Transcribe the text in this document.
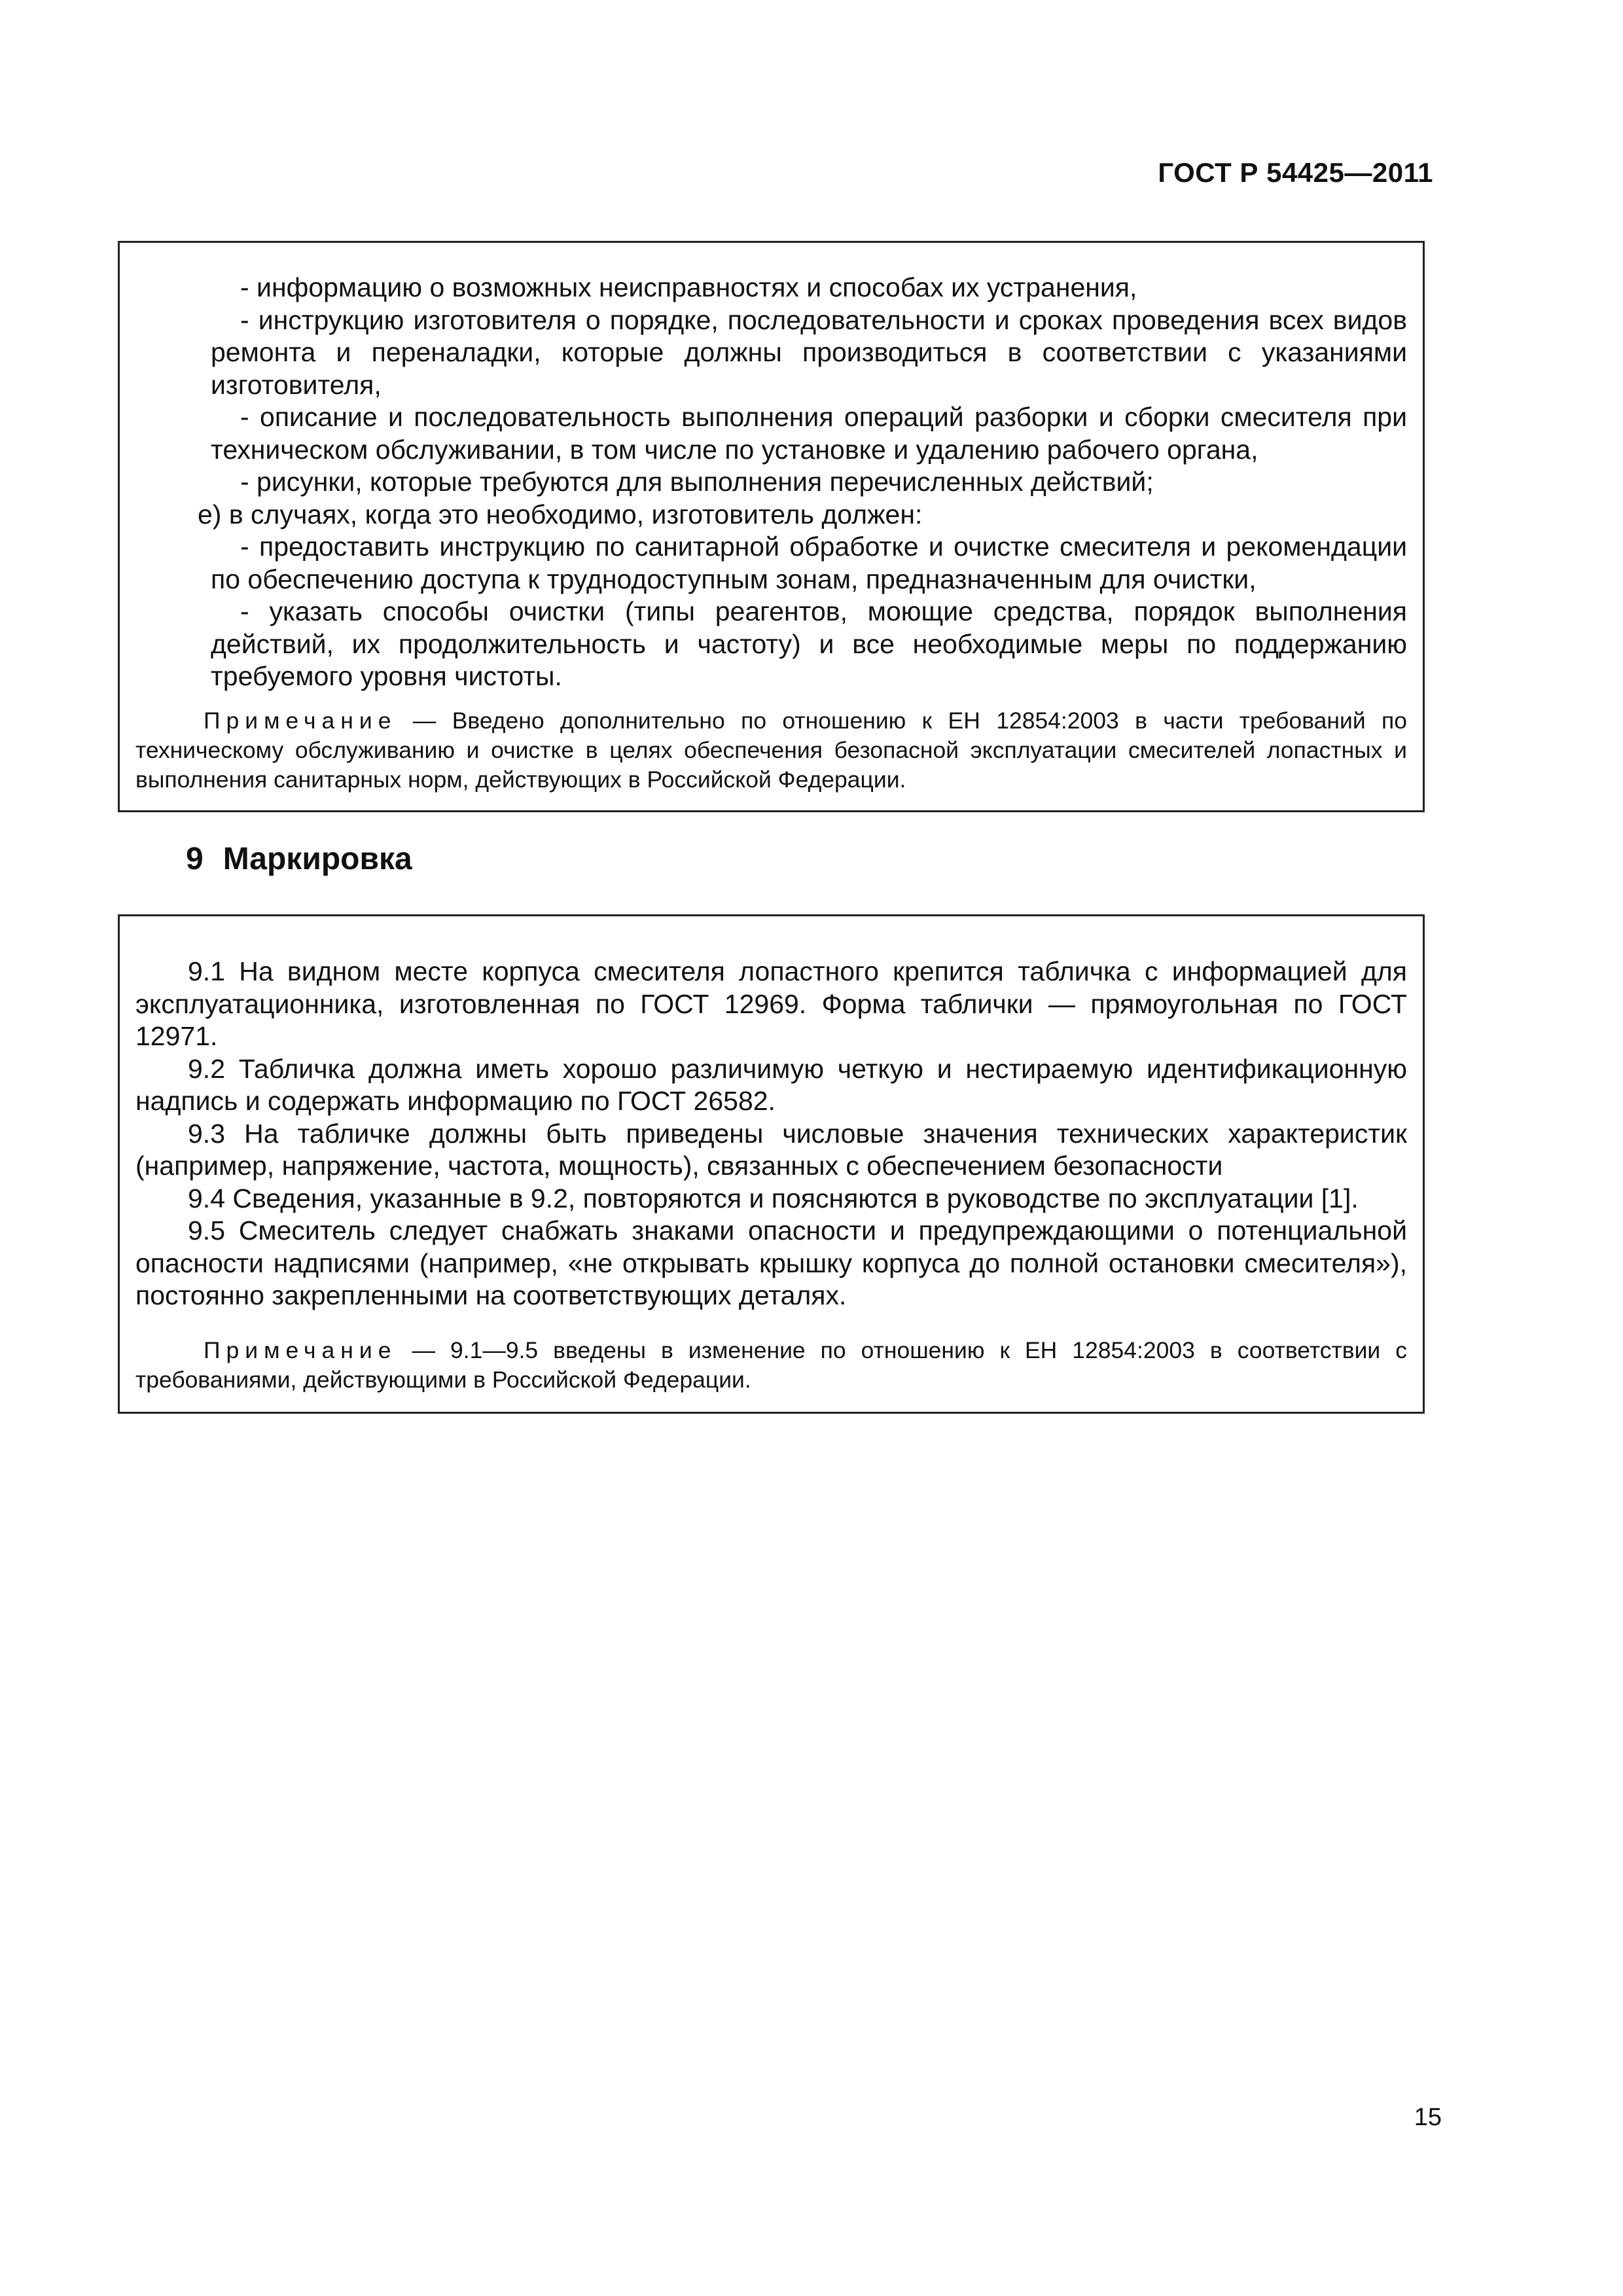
ГОСТ Р 54425—2011

- информацию о возможных неисправностях и способах их устранения,

- инструкцию изготовителя о порядке, последовательности и сроках проведения всех видов ремонта и переналадки, которые должны производиться в соответствии с указаниями изготовителя,

- описание и последовательность выполнения операций разборки и сборки смесителя при техническом обслуживании, в том числе по установке и удалению рабочего органа,

- рисунки, которые требуются для выполнения перечисленных действий;

е) в случаях, когда это необходимо, изготовитель должен:

- предоставить инструкцию по санитарной обработке и очистке смесителя и рекомендации по обеспечению доступа к труднодоступным зонам, предназначенным для очистки,

- указать способы очистки (типы реагентов, моющие средства, порядок выполнения действий, их продолжительность и частоту) и все необходимые меры по поддержанию требуемого уровня чистоты.

Примечание — Введено дополнительно по отношению к ЕН 12854:2003 в части требований по техническому обслуживанию и очистке в целях обеспечения безопасной эксплуатации смесителей лопастных и выполнения санитарных норм, действующих в Российской Федерации.

9 Маркировка

9.1 На видном месте корпуса смесителя лопастного крепится табличка с информацией для эксплуатационника, изготовленная по ГОСТ 12969. Форма таблички — прямоугольная по ГОСТ 12971.

9.2 Табличка должна иметь хорошо различимую четкую и нестираемую идентификационную надпись и содержать информацию по ГОСТ 26582.

9.3 На табличке должны быть приведены числовые значения технических характеристик (например, напряжение, частота, мощность), связанных с обеспечением безопасности

9.4 Сведения, указанные в 9.2, повторяются и поясняются в руководстве по эксплуатации [1].

9.5 Смеситель следует снабжать знаками опасности и предупреждающими о потенциальной опасности надписями (например, «не открывать крышку корпуса до полной остановки смесителя»), постоянно закрепленными на соответствующих деталях.

Примечание — 9.1—9.5 введены в изменение по отношению к ЕН 12854:2003 в соответствии с требованиями, действующими в Российской Федерации.

15
